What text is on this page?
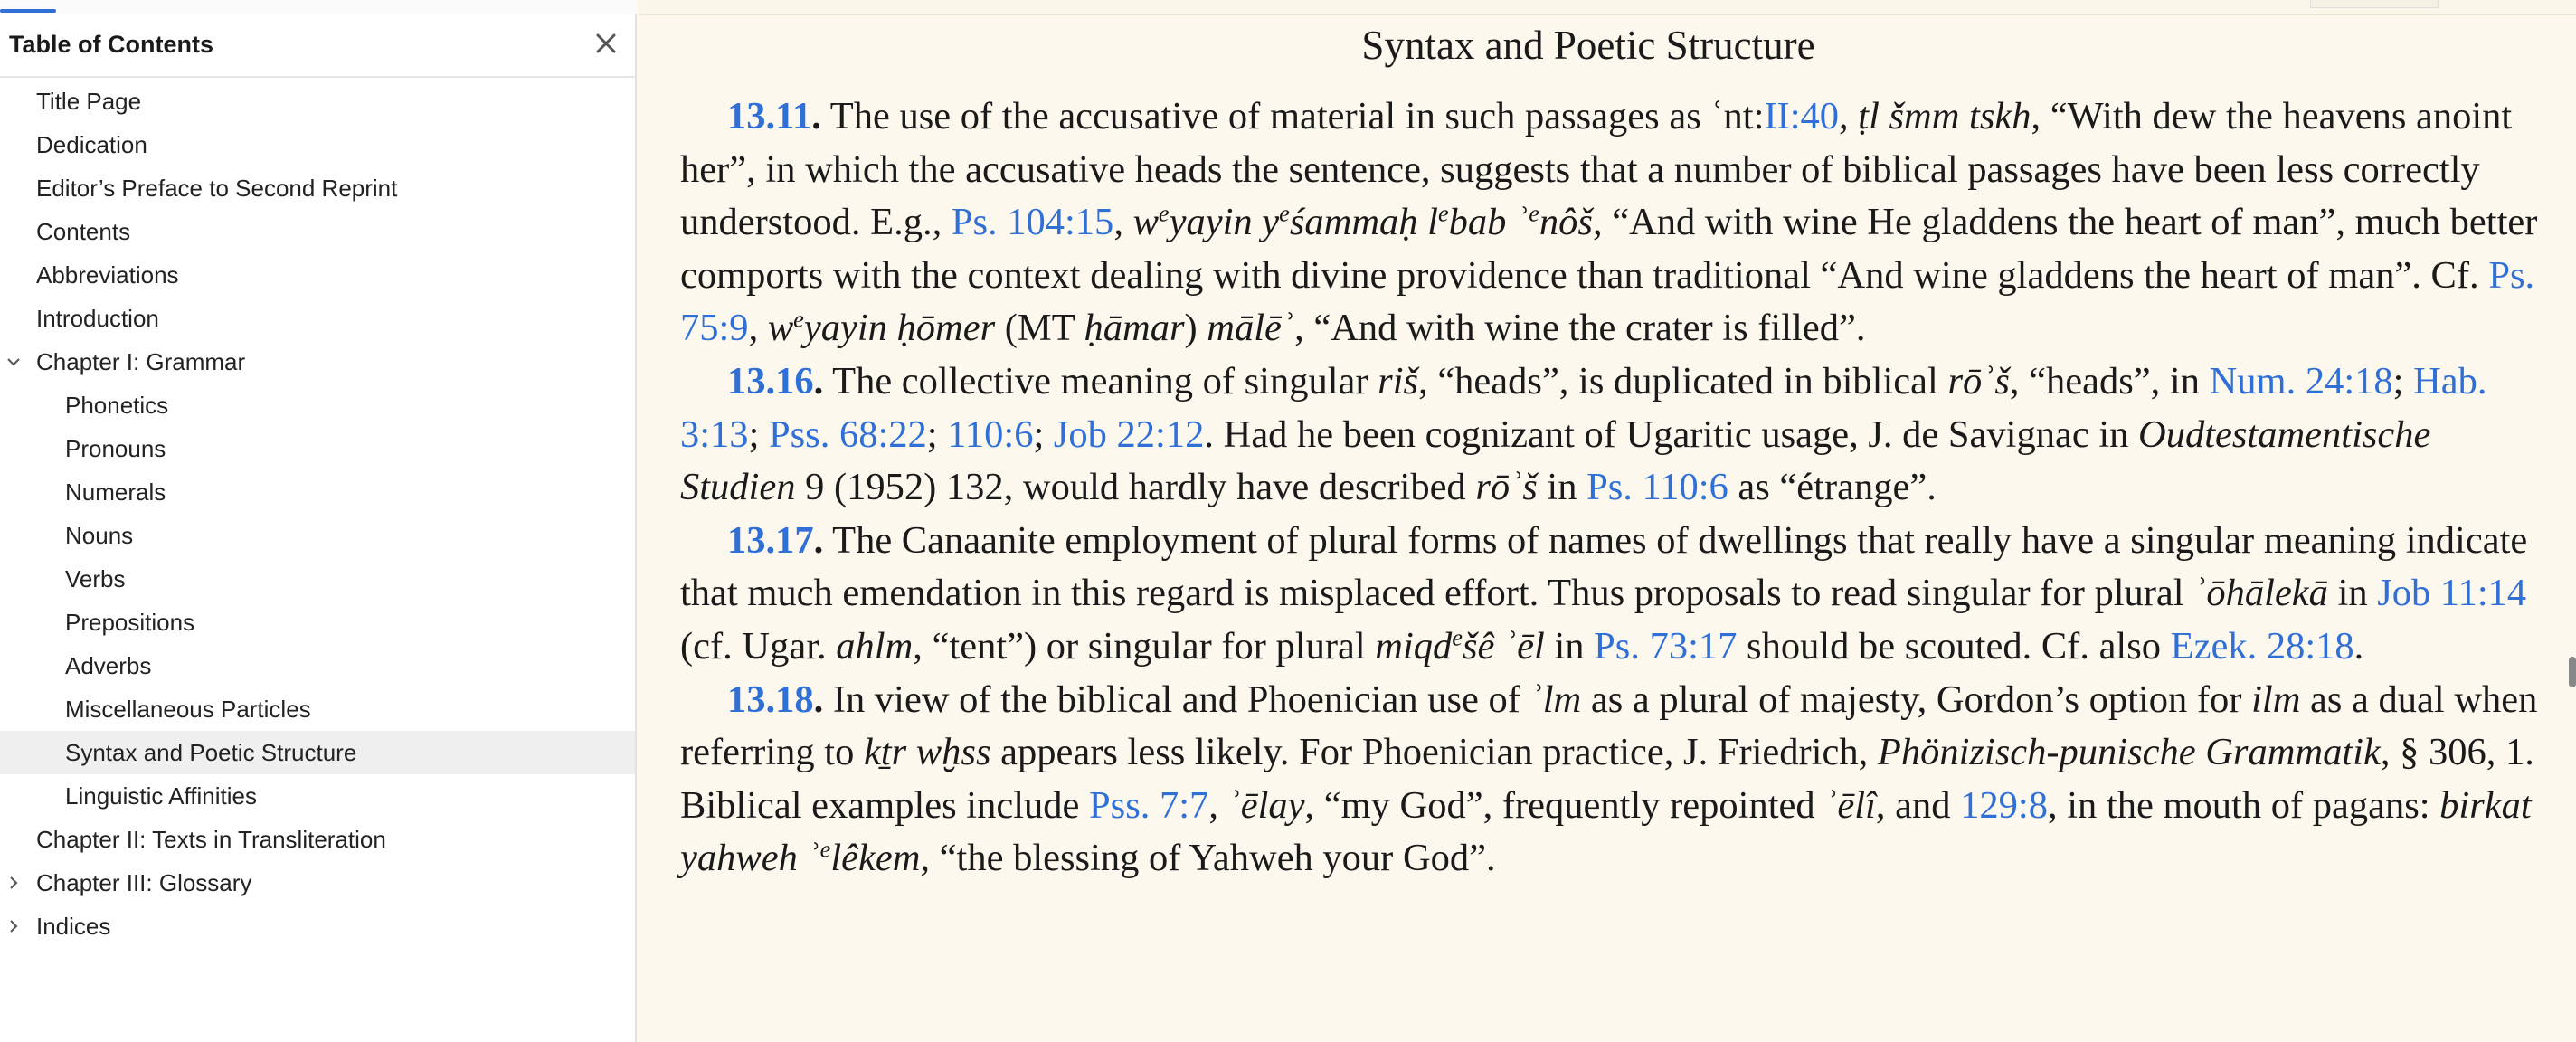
Table of Contents
Title Page
Dedication
Editor’s Preface to Second Reprint
Contents
Abbreviations
Introduction
Chapter I: Grammar
Phonetics
Pronouns
Numerals
Nouns
Verbs
Prepositions
Adverbs
Miscellaneous Particles
Syntax and Poetic Structure
Linguistic Affinities
Chapter II: Texts in Transliteration
Chapter III: Glossary
Indices
Syntax and Poetic Structure

13.11. The use of the accusative of material in such passages as ʿnt:II:40, ṭl šmm tskh, “With dew the heavens anoint her”, in which the accusative heads the sentence, suggests that a number of biblical passages have been less correctly understood. E.g., Ps. 104:15, $w^eyayin$ $y^eśammaḥ$ $l^ebab$ ʾ$^e$nôš, “And with wine He gladdens the heart of man”, much better comports with the context dealing with divine providence than traditional “And wine gladdens the heart of man”. Cf. Ps. 75:9, $w^eyayin$ ḥōmer (MT ḥāmar) mālēʾ, “And with wine the crater is filled”.

13.16. The collective meaning of singular riš, “heads”, is duplicated in biblical rōʾš, “heads”, in Num. 24:18; Hab. 3:13; Pss. 68:22; 110:6; Job 22:12. Had he been cognizant of Ugaritic usage, J. de Savignac in Oudtestamentische Studien 9 (1952) 132, would hardly have described rōʾš in Ps. 110:6 as “étrange”.

13.17. The Canaanite employment of plural forms of names of dwellings that really have a singular meaning indicate that much emendation in this regard is misplaced effort. Thus proposals to read singular for plural ʾōhālekā in Job 11:14 (cf. Ugar. ahlm, “tent”) or singular for plural miqd$^e$šê ʾēl in Ps. 73:17 should be scouted. Cf. also Ezek. 28:18.

13.18. In view of the biblical and Phoenician use of ʾlm as a plural of majesty, Gordon’s option for ilm as a dual when referring to kṯr wḫss appears less likely. For Phoenician practice, J. Friedrich, Phönizisch-punische Grammatik, § 306, 1. Biblical examples include Pss. 7:7, ʾēlay, “my God”, frequently repointed ʾēlî, and 129:8, in the mouth of pagans: birkat yahweh ʾ$^e$lêkem, “the blessing of Yahweh your God”.
